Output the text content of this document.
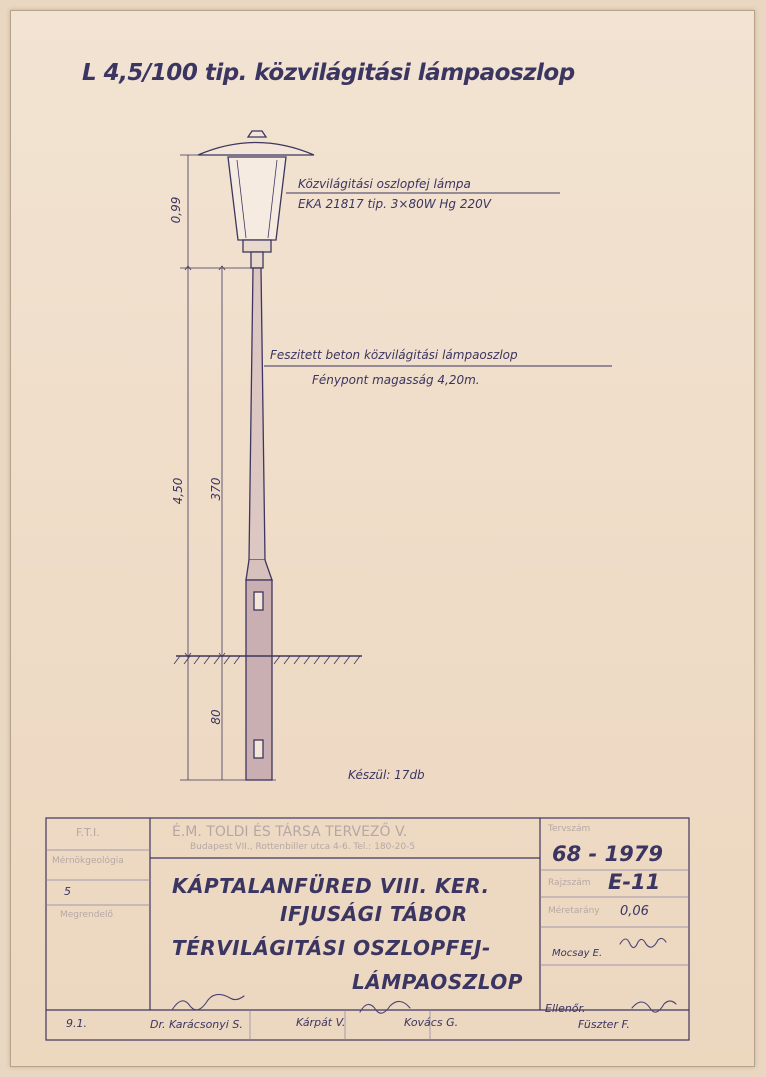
L 4,5/100 tip. közvilágitási lámpaoszlop
Közvilágitási oszlopfej lámpa
EKA 21817 tip. 3×80W Hg 220V
Feszitett beton közvilágitási lámpaoszlop
Fénypont magasság 4,20m.
Készül: 17db
0,99
4,50 370
80
F.T.I.
Mérnökgeológia
5
Megrendelő
9.1.
É.M. TOLDI ÉS TÁRSA TERVEZŐ V.
Budapest VII., Rottenbiller utca 4-6. Tel.: 180-20-5
KÁPTALANFÜRED VIII. KER.
IFJUSÁGI TÁBOR
TÉRVILÁGITÁSI OSZLOPFEJ-
LÁMPAOSZLOP
Tervszám
68 - 1979
Rajzszám E-11
Méretarány 0,06
Mocsay E.
Ellenőr.
Dr. Karácsonyi S.	Kárpát V.	Kovács G.	Füszter F.
